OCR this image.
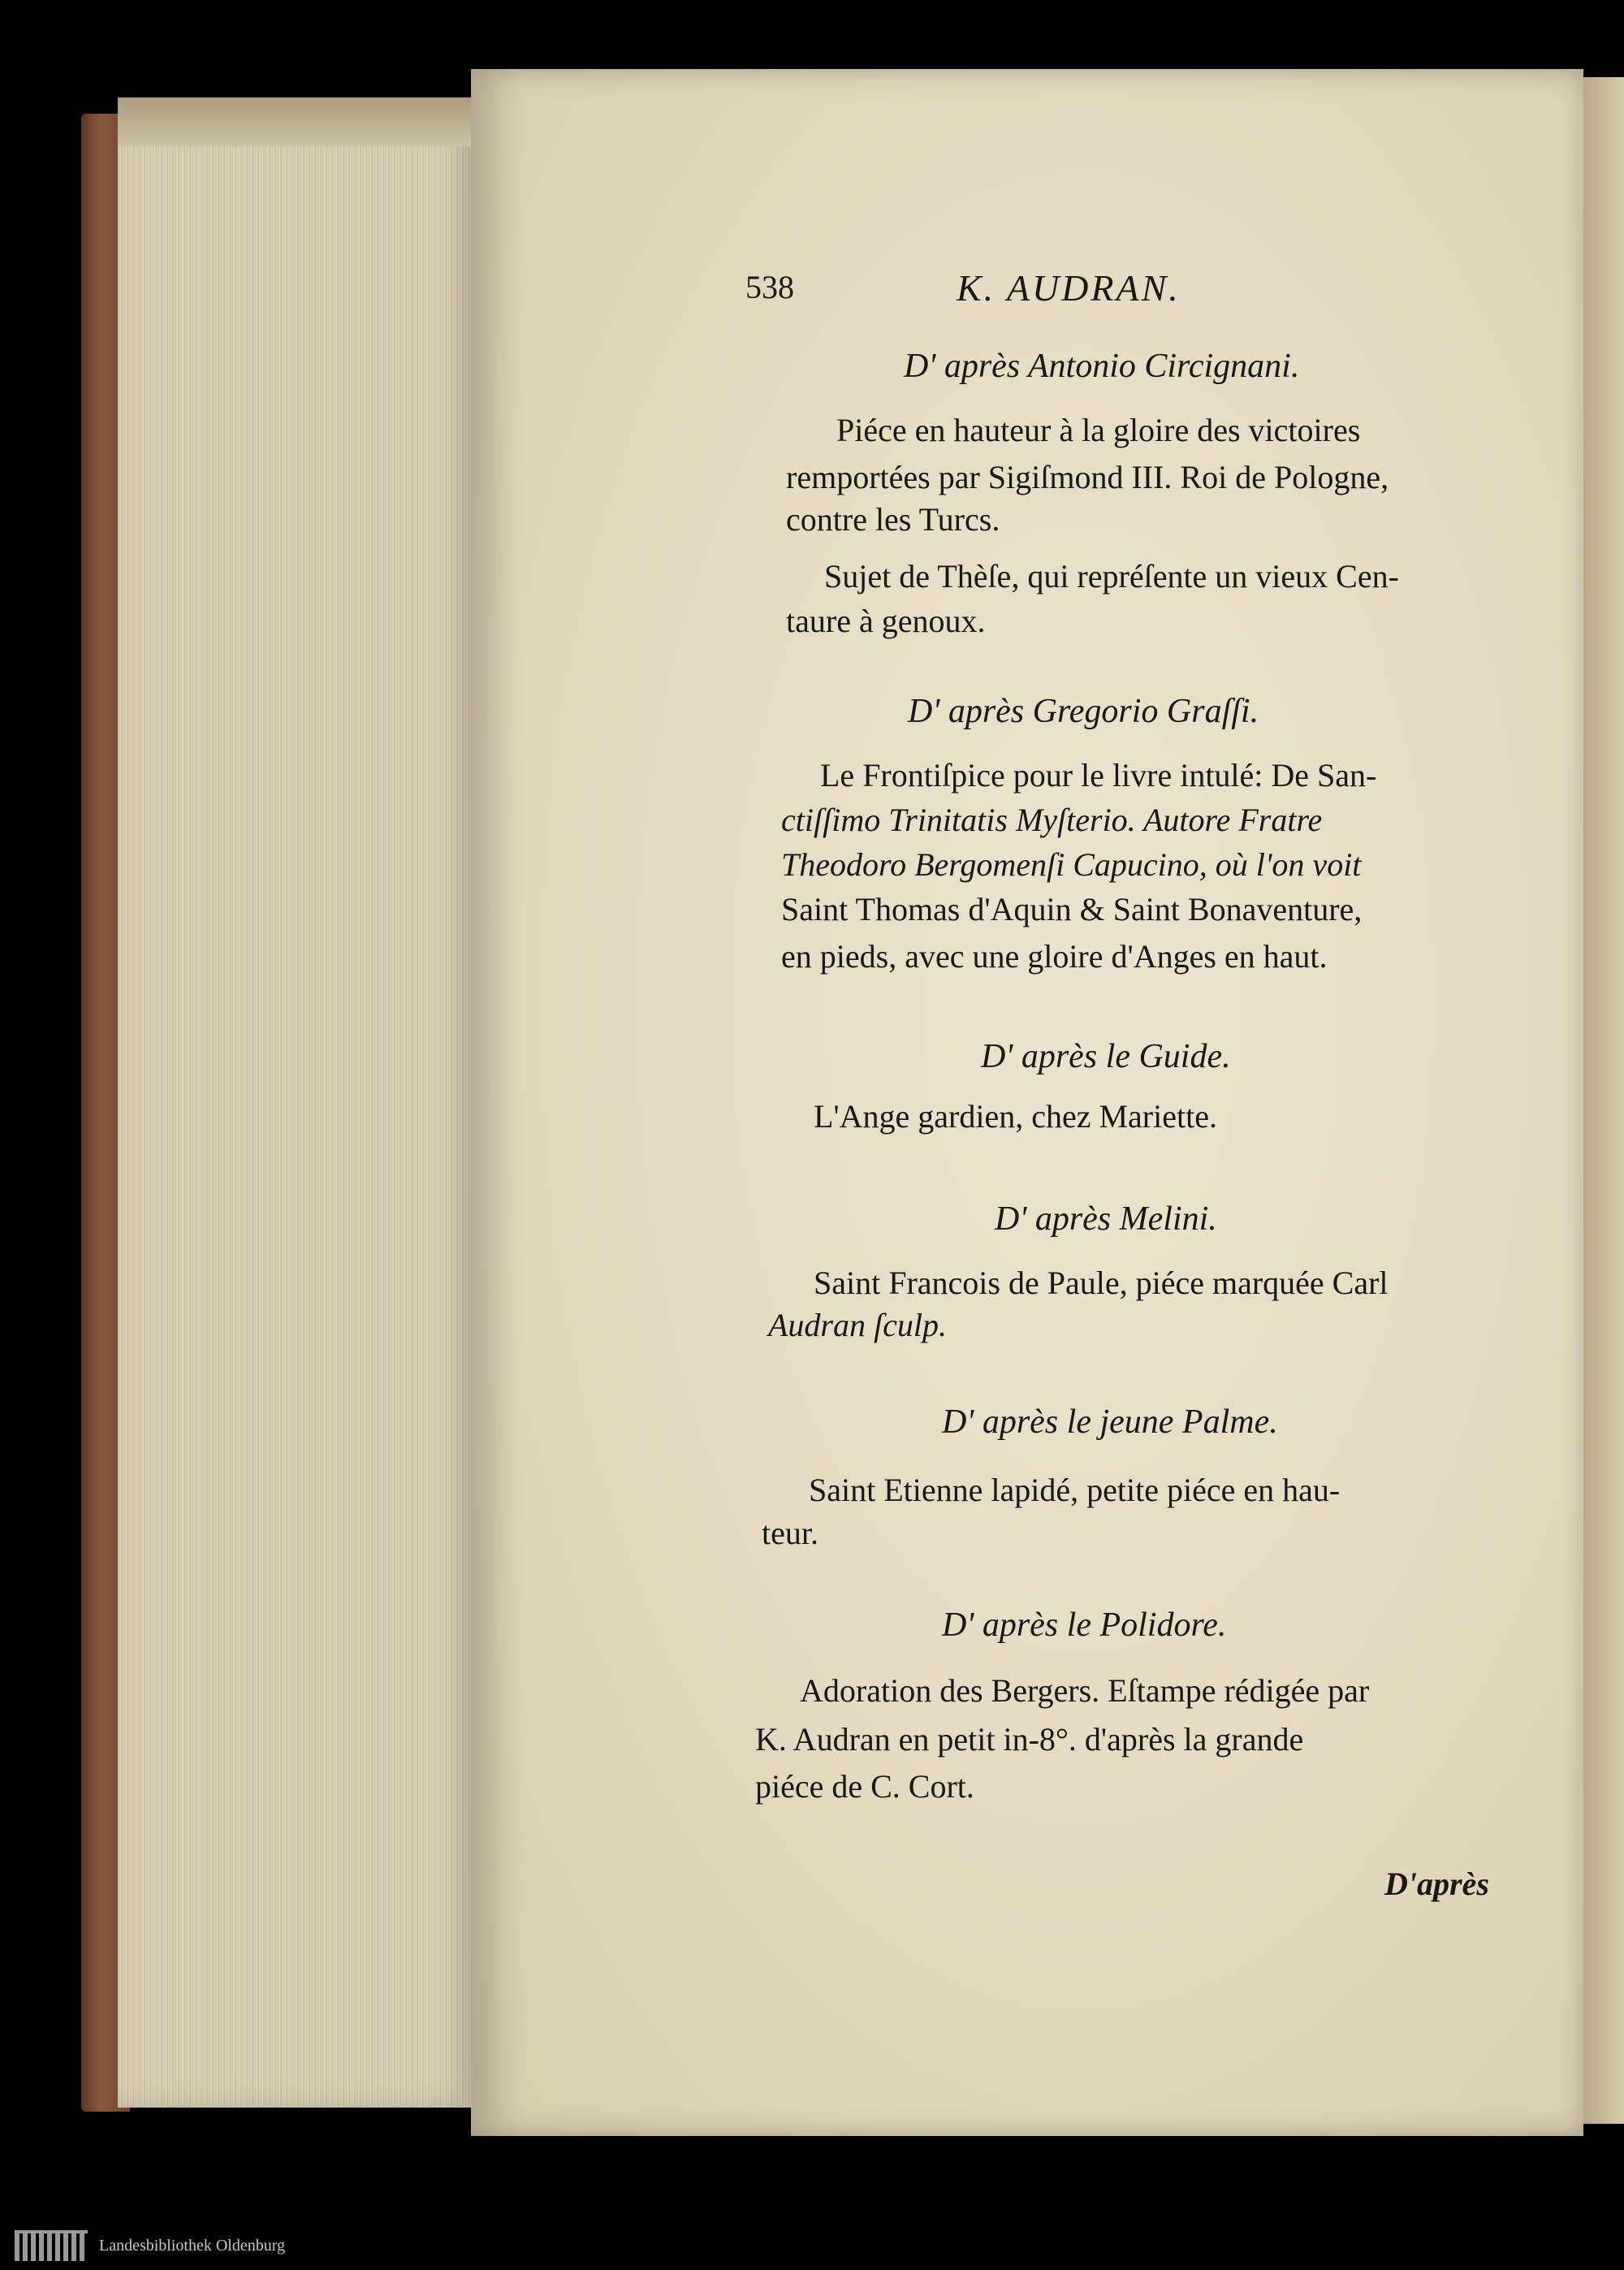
538	K. AUDRAN.
D' après Antonio Circignani.
Piéce en hauteur à la gloire des victoires
remportées par Sigiſmond III. Roi de Pologne,
contre les Turcs.
Sujet de Thèſe, qui repréſente un vieux Cen-
taure à genoux.
D' après Gregorio Graſſi.
Le Frontiſpice pour le livre intulé: De San-
ctiſſimo Trinitatis Myſterio. Autore Fratre
Theodoro Bergomenſi Capucino, où l'on voit
Saint Thomas d'Aquin & Saint Bonaventure,
en pieds, avec une gloire d'Anges en haut.
D' après le Guide.
L'Ange gardien, chez Mariette.
D' après Melini.
Saint Francois de Paule, piéce marquée Carl
Audran ſculp.
D' après le jeune Palme.
Saint Etienne lapidé, petite piéce en hau-
teur.
D' après le Polidore.
Adoration des Bergers. Eſtampe rédigée par
K. Audran en petit in-8°. d'après la grande
piéce de C. Cort.
D'après
Landesbibliothek Oldenburg
